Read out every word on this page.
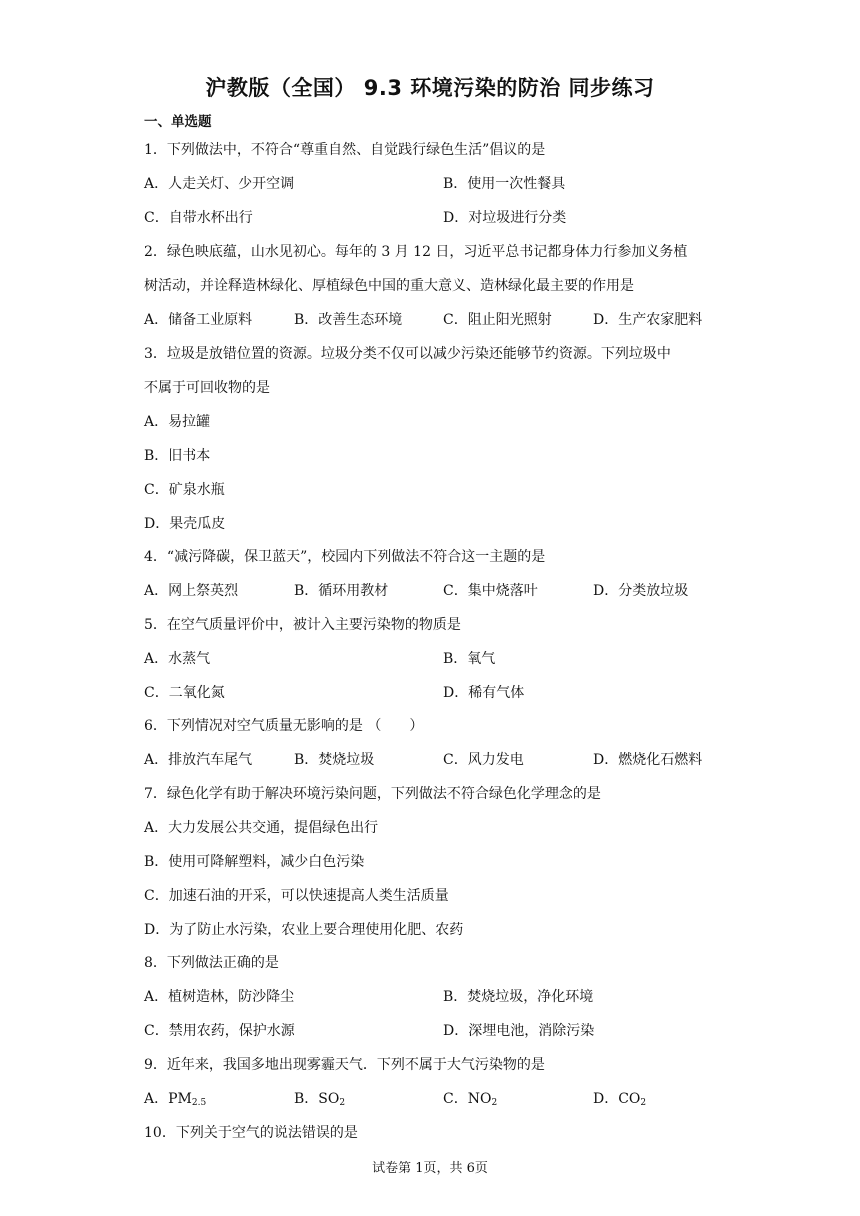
沪教版（全国） 9.3 环境污染的防治 同步练习
一、单选题
1．下列做法中，不符合“尊重自然、自觉践行绿色生活”倡议的是
A．人走关灯、少开空调	B．使用一次性餐具
C．自带水杯出行	D．对垃圾进行分类
2．绿色映底蕴，山水见初心。每年的 3 月 12 日，习近平总书记都身体力行参加义务植
树活动，并诠释造林绿化、厚植绿色中国的重大意义、造林绿化最主要的作用是
A．储备工业原料	B．改善生态环境	C．阻止阳光照射	D．生产农家肥料
3．垃圾是放错位置的资源。垃圾分类不仅可以减少污染还能够节约资源。下列垃圾中
不属于可回收物的是
A．易拉罐
B．旧书本
C．矿泉水瓶
D．果壳瓜皮
4．“减污降碳，保卫蓝天”，校园内下列做法不符合这一主题的是
A．网上祭英烈	B．循环用教材	C．集中烧落叶	D．分类放垃圾
5．在空气质量评价中，被计入主要污染物的物质是
A．水蒸气	B．氧气
C．二氧化氮	D．稀有气体
6．下列情况对空气质量无影响的是 （　　）
A．排放汽车尾气	B．焚烧垃圾	C．风力发电	D．燃烧化石燃料
7．绿色化学有助于解决环境污染问题，下列做法不符合绿色化学理念的是
A．大力发展公共交通，提倡绿色出行
B．使用可降解塑料，减少白色污染
C．加速石油的开采，可以快速提高人类生活质量
D．为了防止水污染，农业上要合理使用化肥、农药
8．下列做法正确的是
A．植树造林，防沙降尘	B．焚烧垃圾，净化环境
C．禁用农药，保护水源	D．深埋电池，消除污染
9．近年来，我国多地出现雾霾天气．下列不属于大气污染物的是
A．$PM_{2.5}$	B．$SO_2$	C．$NO_2$	D．$CO_2$
10．下列关于空气的说法错误的是
试卷第 1页，共 6页
